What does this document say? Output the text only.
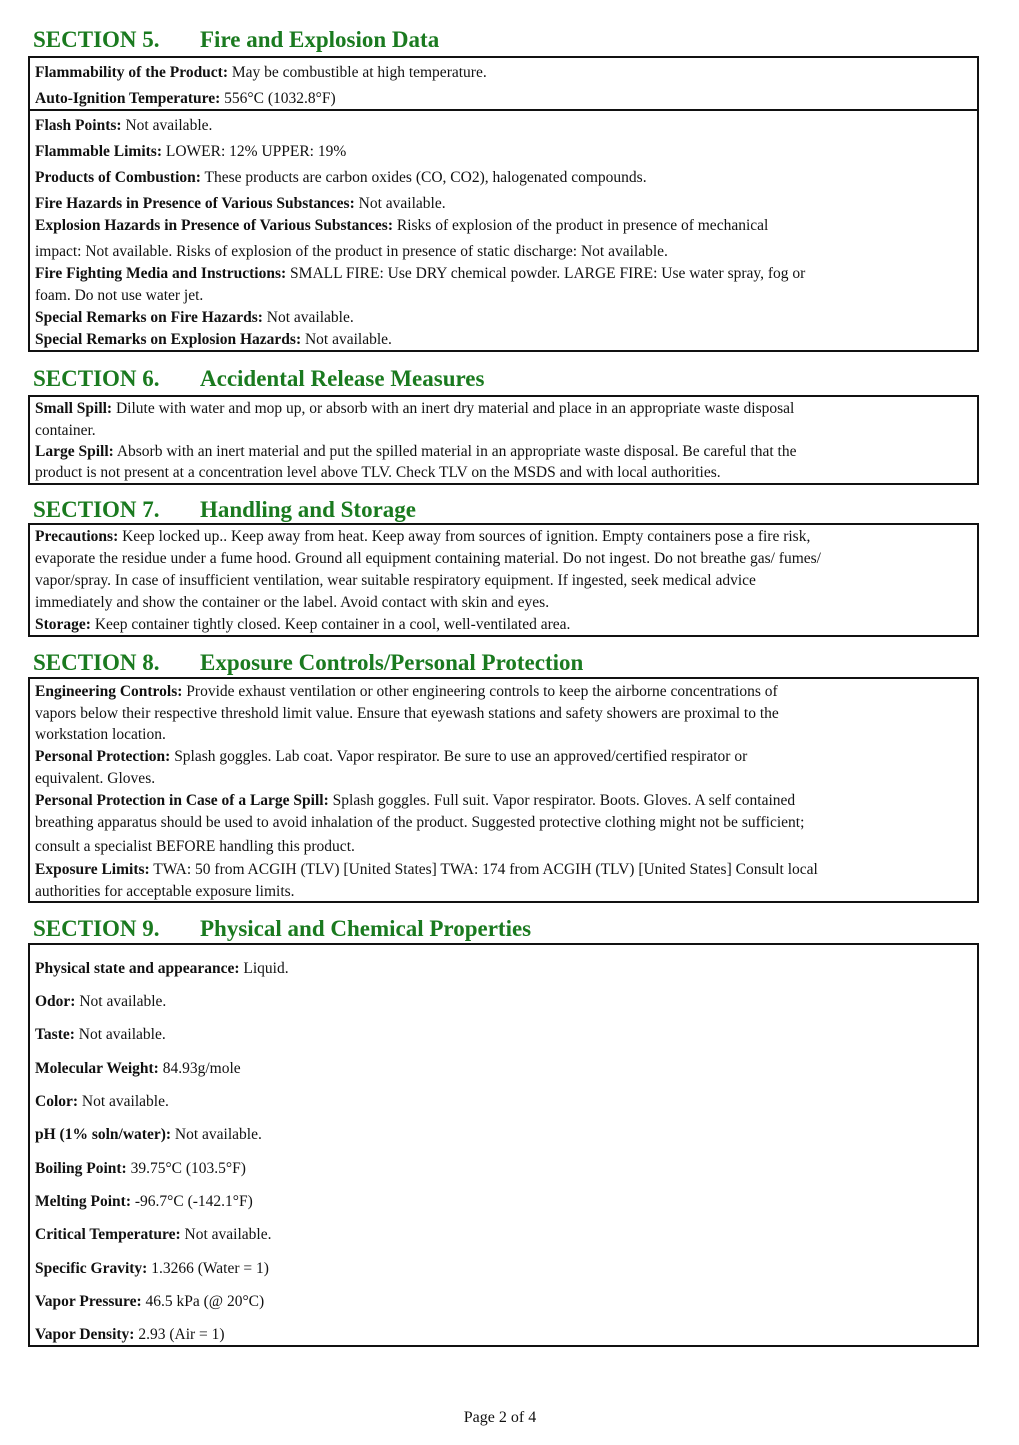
SECTION 5. Fire and Explosion Data

Flammability of the Product: May be combustible at high temperature.

Auto-Ignition Temperature: 556°C (1032.8°F)

Flash Points: Not available.

Flammable Limits: LOWER: 12% UPPER: 19%

Products of Combustion: These products are carbon oxides (CO, CO2), halogenated compounds.

Fire Hazards in Presence of Various Substances: Not available.

Explosion Hazards in Presence of Various Substances: Risks of explosion of the product in presence of mechanical

impact: Not available. Risks of explosion of the product in presence of static discharge: Not available.

Fire Fighting Media and Instructions: SMALL FIRE: Use DRY chemical powder. LARGE FIRE: Use water spray, fog or

foam. Do not use water jet.

Special Remarks on Fire Hazards: Not available.

Special Remarks on Explosion Hazards: Not available.

SECTION 6. Accidental Release Measures

Small Spill: Dilute with water and mop up, or absorb with an inert dry material and place in an appropriate waste disposal

container.

Large Spill: Absorb with an inert material and put the spilled material in an appropriate waste disposal. Be careful that the

product is not present at a concentration level above TLV. Check TLV on the MSDS and with local authorities.

SECTION 7. Handling and Storage

Precautions: Keep locked up.. Keep away from heat. Keep away from sources of ignition. Empty containers pose a fire risk,

evaporate the residue under a fume hood. Ground all equipment containing material. Do not ingest. Do not breathe gas/ fumes/

vapor/spray. In case of insufficient ventilation, wear suitable respiratory equipment. If ingested, seek medical advice

immediately and show the container or the label. Avoid contact with skin and eyes.

Storage: Keep container tightly closed. Keep container in a cool, well-ventilated area.

SECTION 8. Exposure Controls/Personal Protection

Engineering Controls: Provide exhaust ventilation or other engineering controls to keep the airborne concentrations of

vapors below their respective threshold limit value. Ensure that eyewash stations and safety showers are proximal to the

workstation location.

Personal Protection: Splash goggles. Lab coat. Vapor respirator. Be sure to use an approved/certified respirator or

equivalent. Gloves.

Personal Protection in Case of a Large Spill: Splash goggles. Full suit. Vapor respirator. Boots. Gloves. A self contained

breathing apparatus should be used to avoid inhalation of the product. Suggested protective clothing might not be sufficient;

consult a specialist BEFORE handling this product.

Exposure Limits: TWA: 50 from ACGIH (TLV) [United States] TWA: 174 from ACGIH (TLV) [United States] Consult local

authorities for acceptable exposure limits.

SECTION 9. Physical and Chemical Properties

Physical state and appearance: Liquid.

Odor: Not available.

Taste: Not available.

Molecular Weight: 84.93g/mole

Color: Not available.

pH (1% soln/water): Not available.

Boiling Point: 39.75°C (103.5°F)

Melting Point: -96.7°C (-142.1°F)

Critical Temperature: Not available.

Specific Gravity: 1.3266 (Water = 1)

Vapor Pressure: 46.5 kPa (@ 20°C)

Vapor Density: 2.93 (Air = 1)

Page 2 of 4
